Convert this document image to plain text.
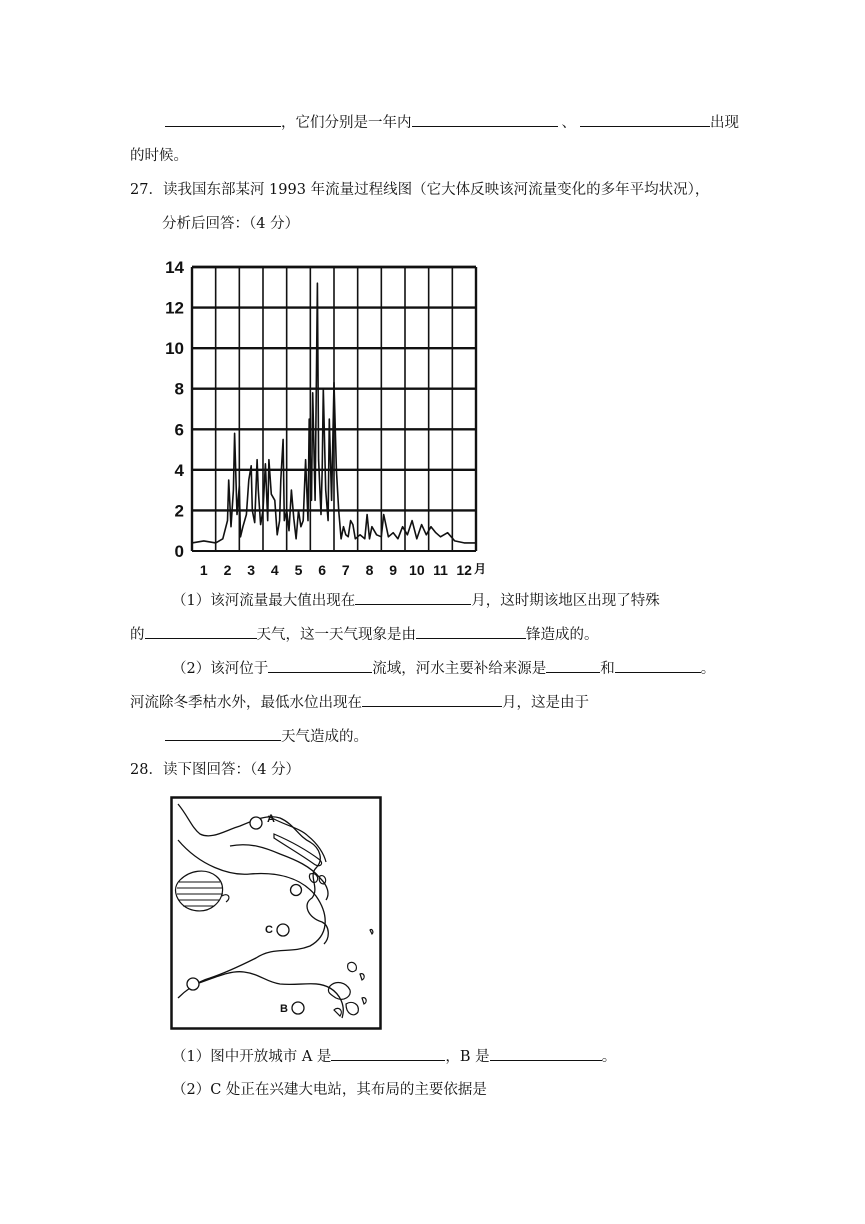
，它们分别是一年内	、	出现
的时候。
27．读我国东部某河 1993 年流量过程线图（它大体反映该河流量变化的多年平均状况），
分析后回答：（4 分）
0
2
4
6
8
10
12
14
1 2 3 4 5 6 7 8 9 10 11 12 月
（1）该河流量最大值出现在	月，这时期该地区出现了特殊
的	天气，这一天气现象是由	锋造成的。
（2）该河位于	流域，河水主要补给来源是	和	。
河流除冬季枯水外，最低水位出现在	月，这是由于
天气造成的。
28．读下图回答：（4 分）
A
C
B
（1）图中开放城市 A 是	，B 是	。
（2）C 处正在兴建大电站，其布局的主要依据是
